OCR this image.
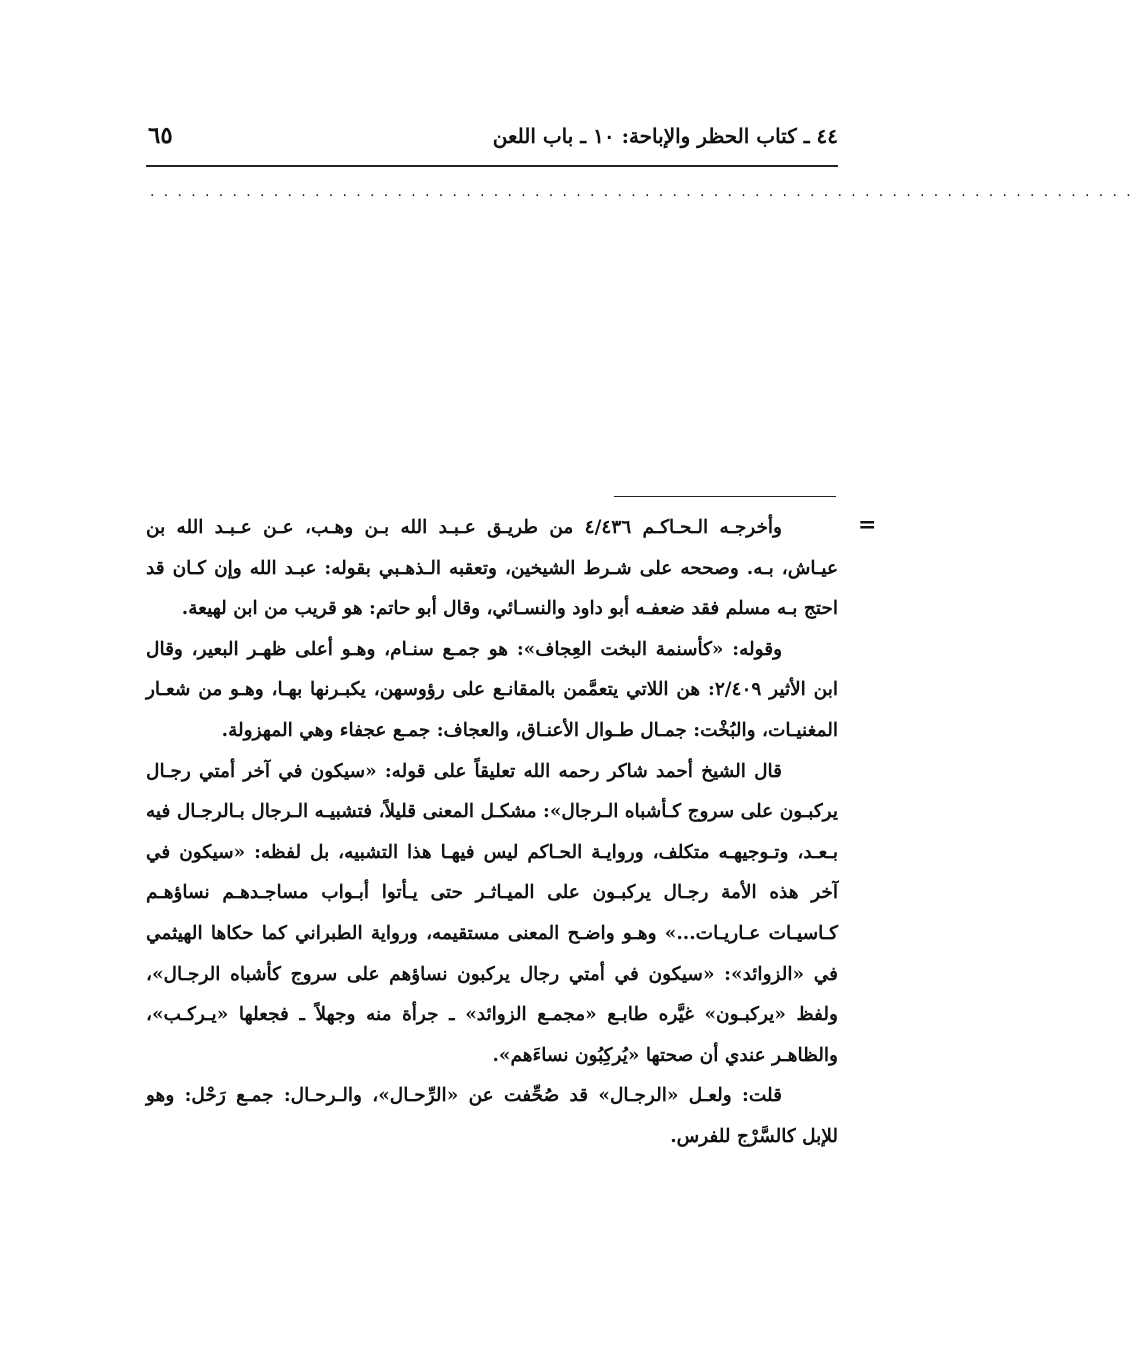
٤٤ ـ كتاب الحظر والإباحة: ١٠ ـ باب اللعن
٦٥
........................................................................
=

وأخرجـه الـحـاكـم ٤/٤٣٦ من طريـق عـبـد الله بـن وهـب، عـن عـبـد الله بن عيـاش، بـه. وصححه على شـرط الشيخين، وتعقبه الـذهـبي بقوله: عبـد الله وإن كـان قد احتج بـه مسلم فقد ضعفـه أبو داود والنسـائي، وقال أبو حاتم: هو قريب من ابن لهيعة.

وقوله: «كأسنمة البخت العِجاف»: هو جمـع سنـام، وهـو أعلى ظهـر البعير، وقال ابن الأثير ٢/٤٠٩: هن اللاتي يتعمَّمن بالمقانـع على رؤوسهن، يكبـرنها بهـا، وهـو من شعـار المغنيـات، والبُخْت: جمـال طـوال الأعنـاق، والعجاف: جمـع عجفاء وهي المهزولة.

قال الشيخ أحمد شاكر رحمه الله تعليقاً على قوله: «سيكون في آخر أمتي رجـال يركبـون على سروج كـأشباه الـرجال»: مشكـل المعنى قليلاً، فتشبيـه الـرجال بـالرجـال فيه بـعـد، وتـوجيهـه متكلف، وروايـة الحـاكم ليس فيهـا هذا التشبيه، بل لفظه: «سيكون في آخر هذه الأمة رجـال يركبـون على الميـاثـر حتى يـأتوا أبـواب مساجـدهـم نساؤهـم كـاسيـات عـاريـات...» وهـو واضـح المعنى مستقيمه، ورواية الطبراني كما حكاها الهيثمي في «الزوائد»: «سيكون في أمتي رجال يركبون نساؤهم على سروج كأشباه الرجـال»، ولفظ «يركبـون» غيَّره طابـع «مجمـع الزوائد» ـ جرأة منه وجهلاً ـ فجعلها «يـركـب»، والظاهـر عندي أن صحتها «يُركِبُون نساءَهم».

قلت: ولعـل «الرجـال» قد صُحِّفت عن «الرِّحـال»، والـرحـال: جمـع رَحْل: وهو للإبل كالسَّرْج للفرس.
